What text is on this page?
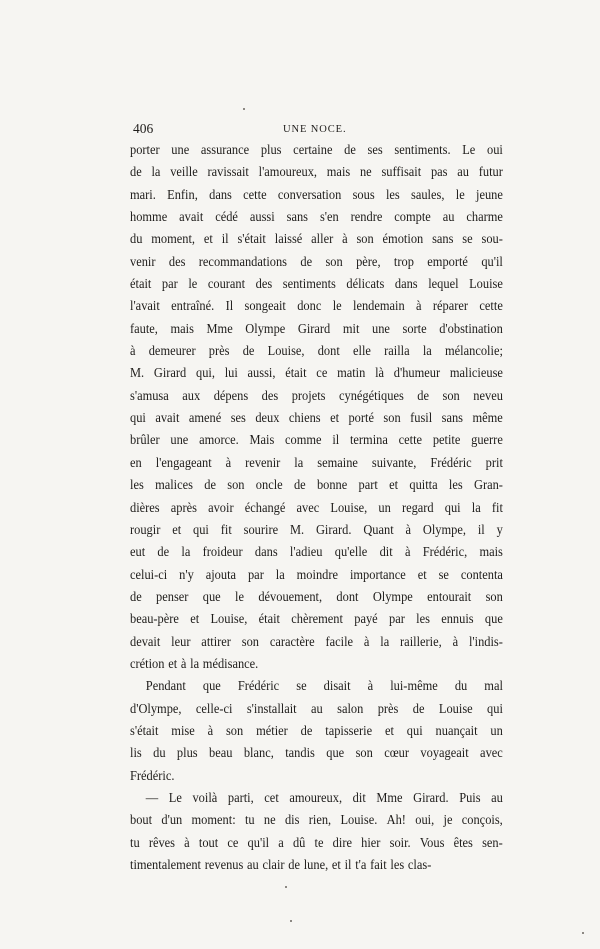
406	UNE NOCE.
porter une assurance plus certaine de ses sentiments. Le oui
de la veille ravissait l'amoureux, mais ne suffisait pas au futur
mari. Enfin, dans cette conversation sous les saules, le jeune
homme avait cédé aussi sans s'en rendre compte au charme
du moment, et il s'était laissé aller à son émotion sans se sou-
venir des recommandations de son père, trop emporté qu'il
était par le courant des sentiments délicats dans lequel Louise
l'avait entraîné. Il songeait donc le lendemain à réparer cette
faute, mais Mme Olympe Girard mit une sorte d'obstination
à demeurer près de Louise, dont elle railla la mélancolie;
M. Girard qui, lui aussi, était ce matin là d'humeur malicieuse
s'amusa aux dépens des projets cynégétiques de son neveu
qui avait amené ses deux chiens et porté son fusil sans même
brûler une amorce. Mais comme il termina cette petite guerre
en l'engageant à revenir la semaine suivante, Frédéric prit
les malices de son oncle de bonne part et quitta les Gran-
dières après avoir échangé avec Louise, un regard qui la fit
rougir et qui fit sourire M. Girard. Quant à Olympe, il y
eut de la froideur dans l'adieu qu'elle dit à Frédéric, mais
celui-ci n'y ajouta par la moindre importance et se contenta
de penser que le dévouement, dont Olympe entourait son
beau-père et Louise, était chèrement payé par les ennuis que
devait leur attirer son caractère facile à la raillerie, à l'indis-
crétion et à la médisance.
Pendant que Frédéric se disait à lui-même du mal
d'Olympe, celle-ci s'installait au salon près de Louise qui
s'était mise à son métier de tapisserie et qui nuançait un
lis du plus beau blanc, tandis que son cœur voyageait avec
Frédéric.
— Le voilà parti, cet amoureux, dit Mme Girard. Puis au
bout d'un moment: tu ne dis rien, Louise. Ah! oui, je conçois,
tu rêves à tout ce qu'il a dû te dire hier soir. Vous êtes sen-
timentalement revenus au clair de lune, et il t'a fait les clas-
